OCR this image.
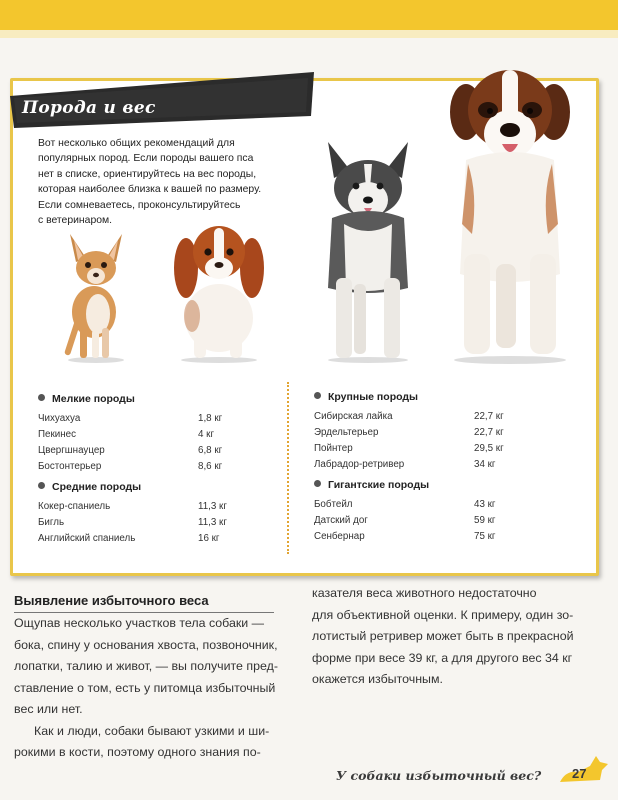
Порода и вес
Вот несколько общих рекомендаций для
популярных пород. Если породы вашего пса
нет в списке, ориентируйтесь на вес породы,
которая наиболее близка к вашей по размеру.
Если сомневаетесь, проконсультируйтесь
с ветеринаром.
Мелкие породы
Чихуахуа	1,8 кг
Пекинес	4 кг
Цвергшнауцер	6,8 кг
Бостонтерьер	8,6 кг
Средние породы
Кокер-спаниель	11,3 кг
Бигль	11,3 кг
Английский спаниель	16 кг
Крупные породы
Сибирская лайка	22,7 кг
Эрдельтерьер	22,7 кг
Пойнтер	29,5 кг
Лабрадор-ретривер	34 кг
Гигантские породы
Бобтейл	43 кг
Датский дог	59 кг
Сенбернар	75 кг
Выявление избыточного веса

Ощупав несколько участков тела собаки —

бока, спину у основания хвоста, позвоночник,

лопатки, талию и живот, — вы получите пред-

ставление о том, есть у питомца избыточный

вес или нет.

Как и люди, собаки бывают узкими и ши-

рокими в кости, поэтому одного знания по-

казателя веса животного недостаточно

для объективной оценки. К примеру, один зо-

лотистый ретривер может быть в прекрасной

форме при весе 39 кг, а для другого вес 34 кг

окажется избыточным.

У собаки избыточный вес? 27
